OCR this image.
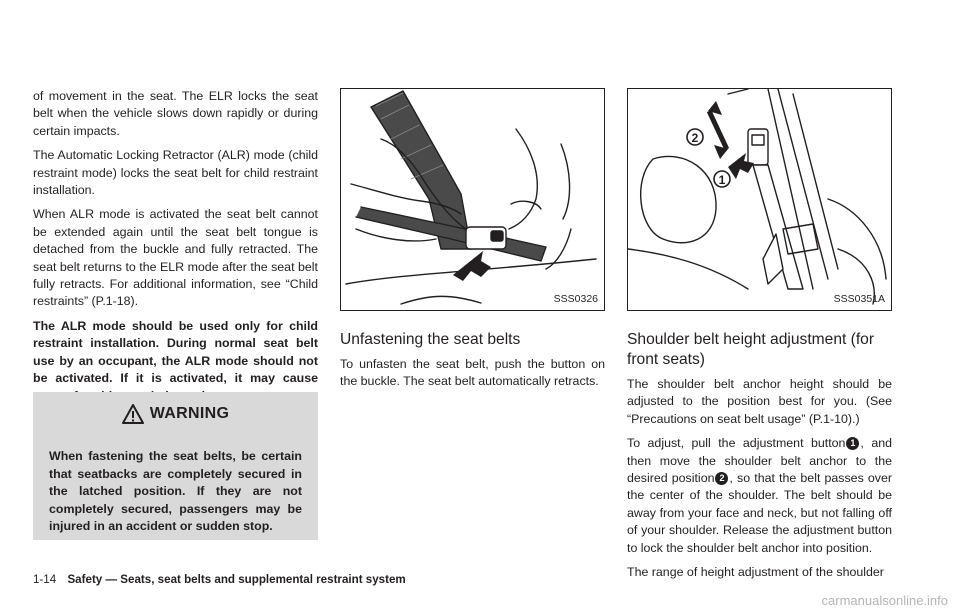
of movement in the seat. The ELR locks the seat belt when the vehicle slows down rapidly or during certain impacts.

The Automatic Locking Retractor (ALR) mode (child restraint mode) locks the seat belt for child restraint installation.

When ALR mode is activated the seat belt cannot be extended again until the seat belt tongue is detached from the buckle and fully retracted. The seat belt returns to the ELR mode after the seat belt fully retracts. For additional information, see “Child restraints” (P.1-18).

The ALR mode should be used only for child restraint installation. During normal seat belt use by an occupant, the ALR mode should not be activated. If it is activated, it may cause

WARNING

When fastening the seat belts, be certain that seatbacks are completely secured in the latched position. If they are not completely secured, passengers may be injured in an accident or sudden stop.

SSS0326
2
1
SSS0351A
Unfastening the seat belts

To unfasten the seat belt, push the button on the buckle. The seat belt automatically retracts.

Shoulder belt height adjustment (for front seats)

The shoulder belt anchor height should be adjusted to the position best for you. (See “Precautions on seat belt usage” (P.1-10).)

To adjust, pull the adjustment button 1 , and then move the shoulder belt anchor to the desired position 2 , so that the belt passes over the center of the shoulder. The belt should be away from your face and neck, but not falling off of your shoulder. Release the adjustment button to lock the shoulder belt anchor into position.

The range of height adjustment of the shoulder

1-14 Safety — Seats, seat belts and supplemental restraint system
carmanualsonline.info
